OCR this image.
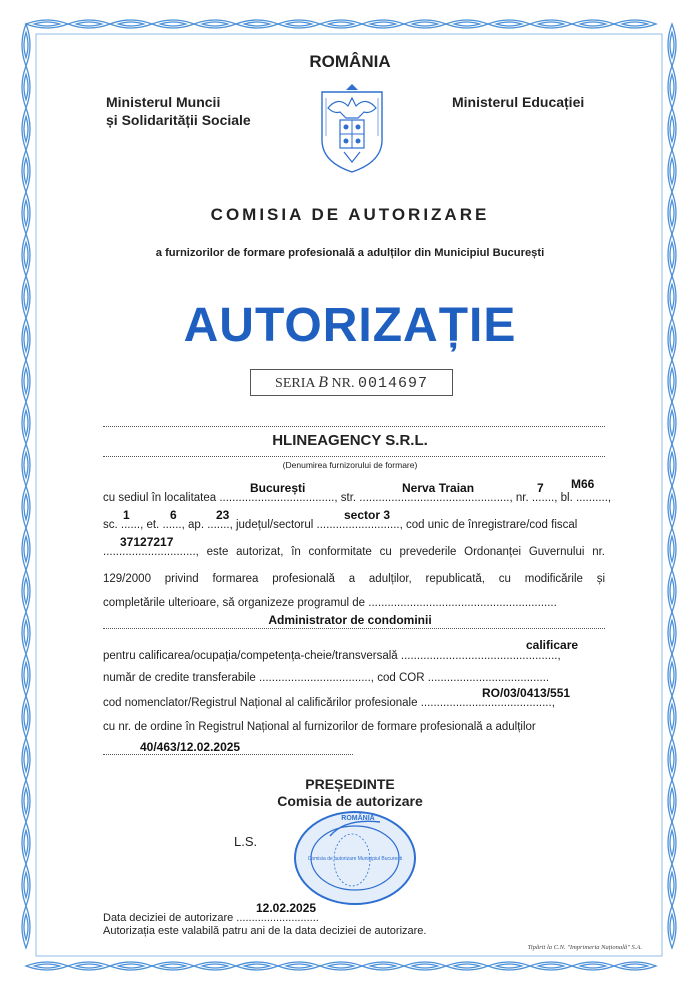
ROMÂNIA
Ministerul Muncii
și Solidarității Sociale
Ministerul Educației
COMISIA DE AUTORIZARE
a furnizorilor de formare profesională a adulților din Municipiul București
AUTORIZAȚIE
SERIA B NR. 0014697
HLINEAGENCY S.R.L.
(Denumirea furnizorului de formare)
București	Nerva Traian	7 M66
cu sediul în localitatea ...................................., str. ..............................................., nr. ......., bl. ..........,
1	6	23	sector 3
sc. ......, et. ......, ap. ......., județul/sectorul .........................., cod unic de înregistrare/cod fiscal
37127217
............................., este autorizat, în conformitate cu prevederile Ordonanței Guvernului nr.
129/2000 privind formarea profesională a adulților, republicată, cu modificările și
completările ulterioare, să organizeze programul de ...........................................................
Administrator de condominii
calificare
pentru calificarea/ocupația/competența-cheie/transversală .................................................,
număr de credite transferabile ..................................., cod COR ......................................
RO/03/0413/551
cod nomenclator/Registrul Național al calificărilor profesionale .........................................,
cu nr. de ordine în Registrul Național al furnizorilor de formare profesională a adulților
40/463/12.02.2025
PREȘEDINTE
Comisia de autorizare
L.S.
ROMÂNIA
Comisia de autorizare Municipiul București
12.02.2025
Data deciziei de autorizare ...........................
Autorizația este valabilă patru ani de la data deciziei de autorizare.
Tipărit la C.N. "Imprimeria Națională" S.A.
